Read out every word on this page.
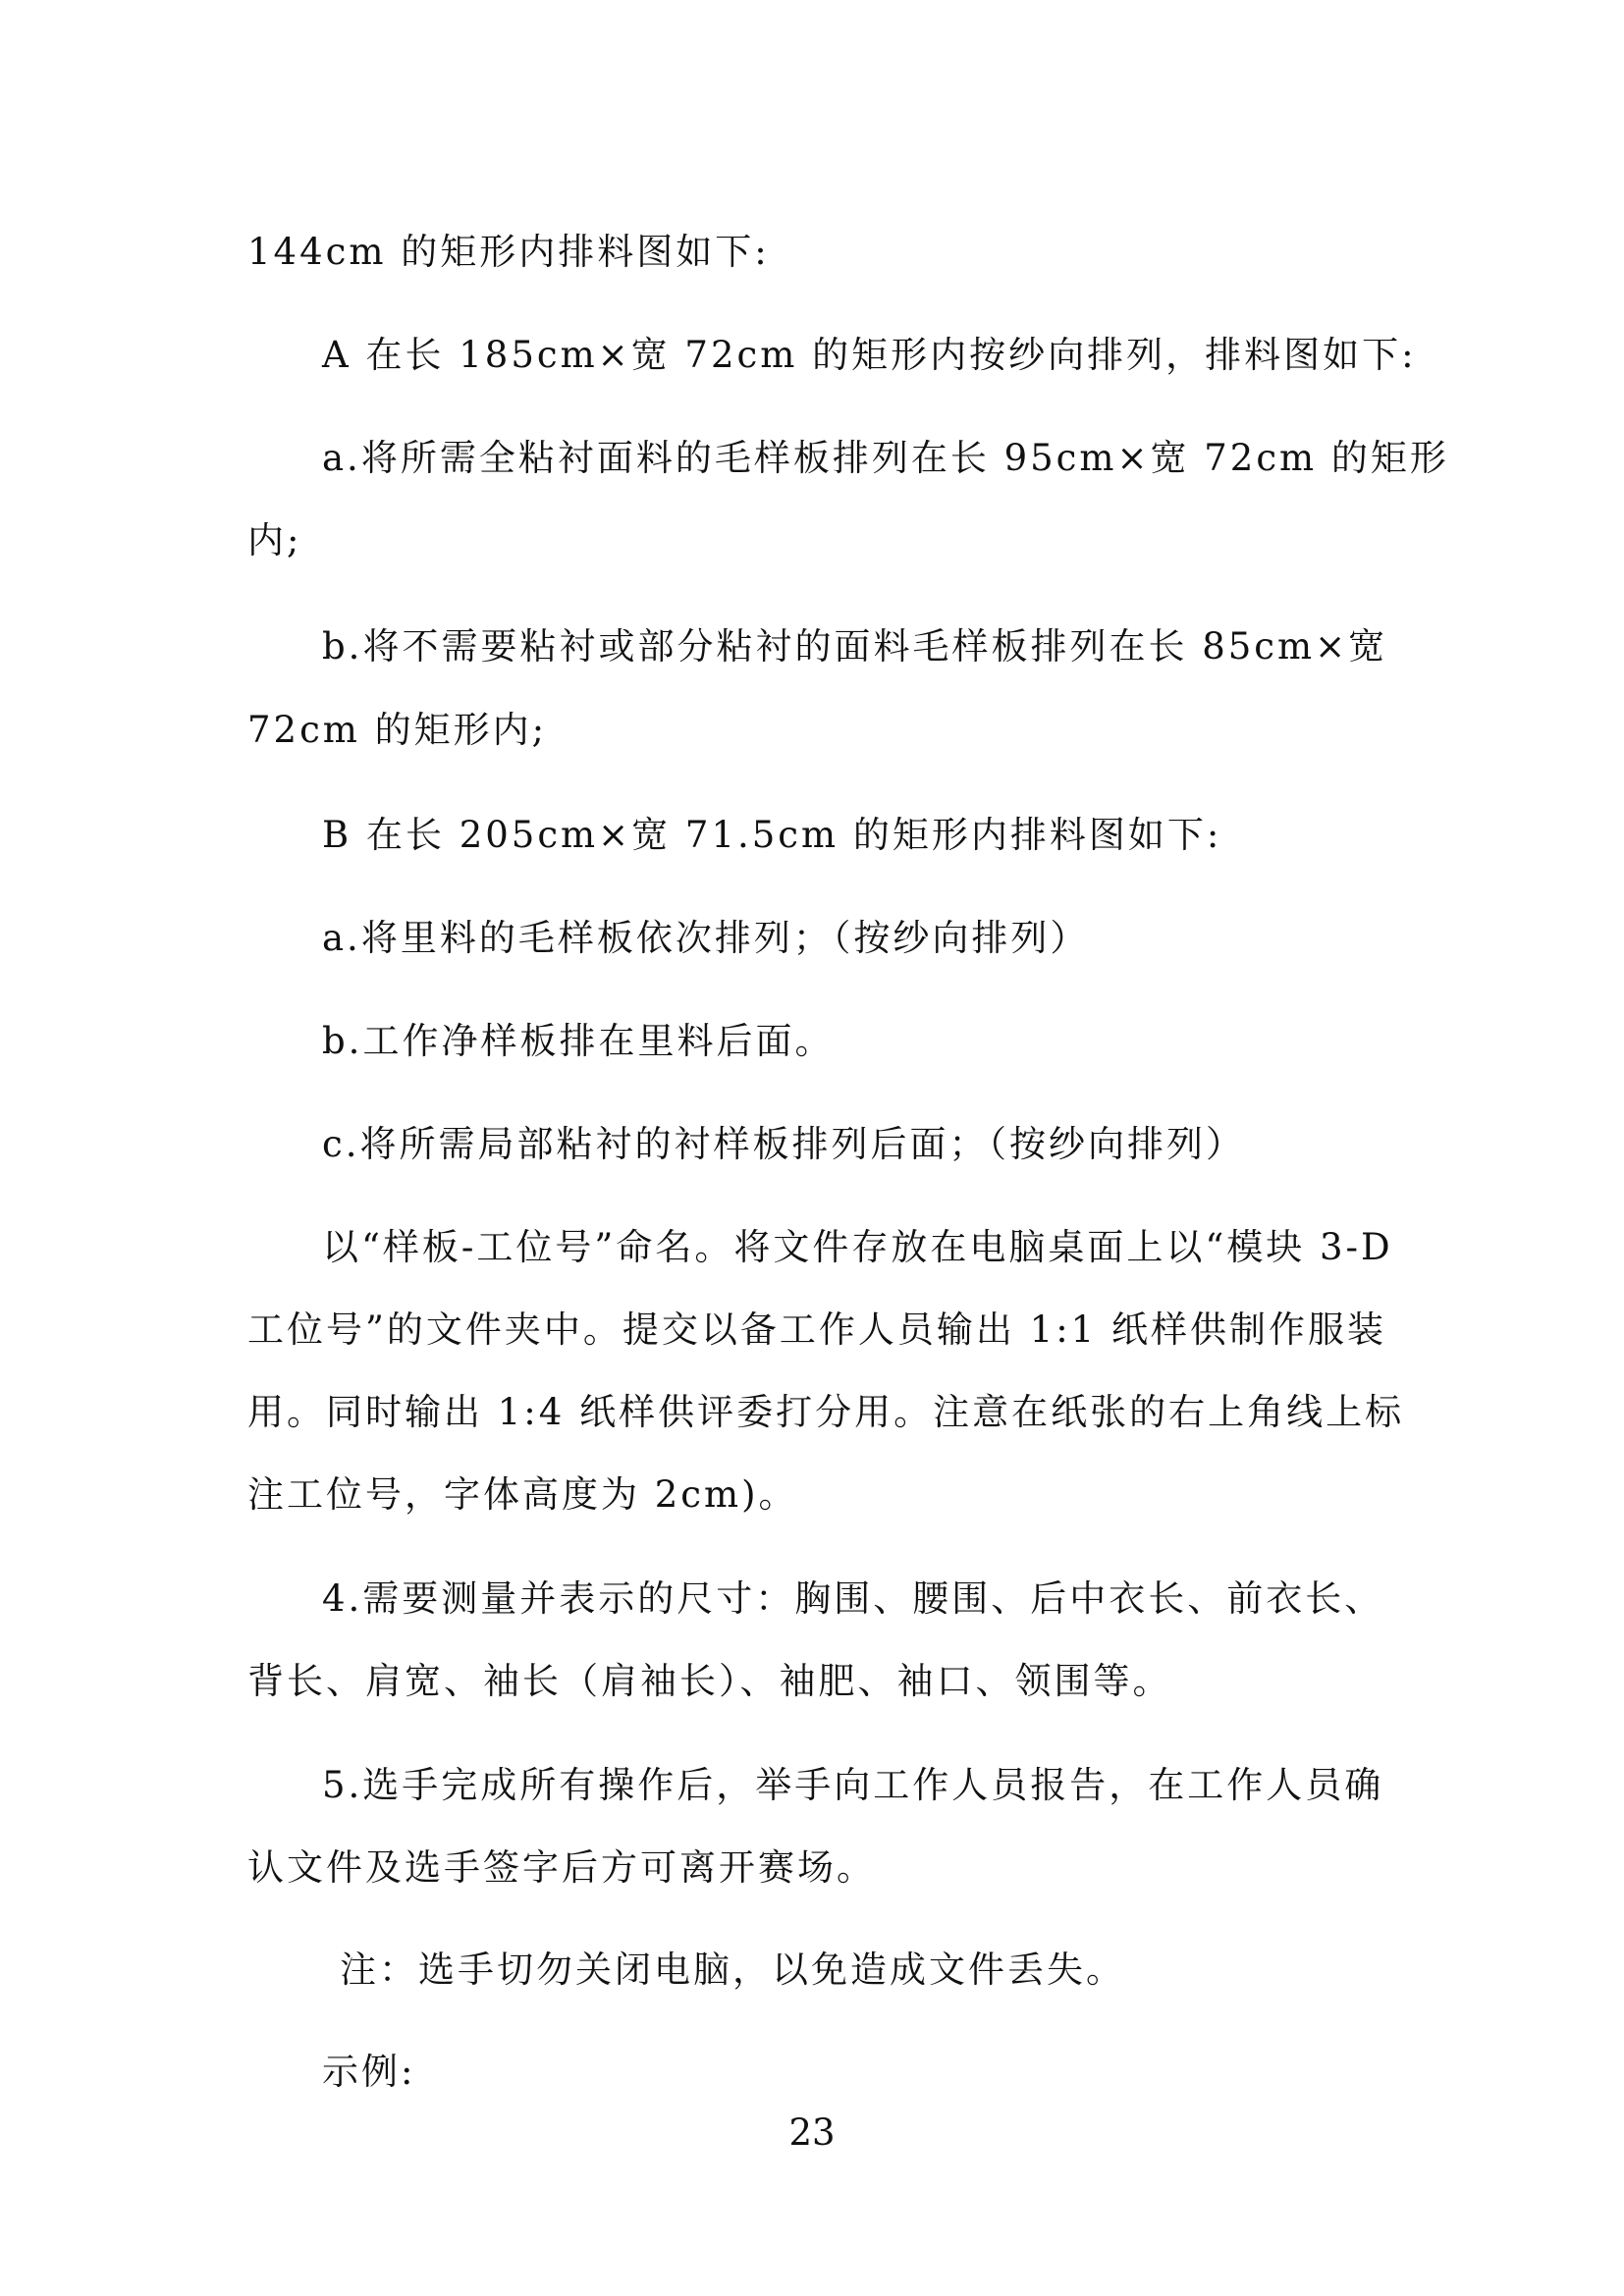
144cm 的矩形内排料图如下:

A 在长 185cm×宽 72cm 的矩形内按纱向排列，排料图如下:

a.将所需全粘衬面料的毛样板排列在长 95cm×宽 72cm 的矩形

内;

b.将不需要粘衬或部分粘衬的面料毛样板排列在长 85cm×宽

72cm 的矩形内;

B 在长 205cm×宽 71.5cm 的矩形内排料图如下:

a.将里料的毛样板依次排列；（按纱向排列）

b.工作净样板排在里料后面。

c.将所需局部粘衬的衬样板排列后面；（按纱向排列）

以“样板-工位号”命名。将文件存放在电脑桌面上以“模块 3-D

工位号”的文件夹中。提交以备工作人员输出 1:1 纸样供制作服装

用。同时输出 1:4 纸样供评委打分用。注意在纸张的右上角线上标

注工位号，字体高度为 2cm)。

4.需要测量并表示的尺寸：胸围、腰围、后中衣长、前衣长、

背长、肩宽、袖长（肩袖长）、袖肥、袖口、领围等。

5.选手完成所有操作后，举手向工作人员报告，在工作人员确

认文件及选手签字后方可离开赛场。

注：选手切勿关闭电脑，以免造成文件丢失。

示例:

23
